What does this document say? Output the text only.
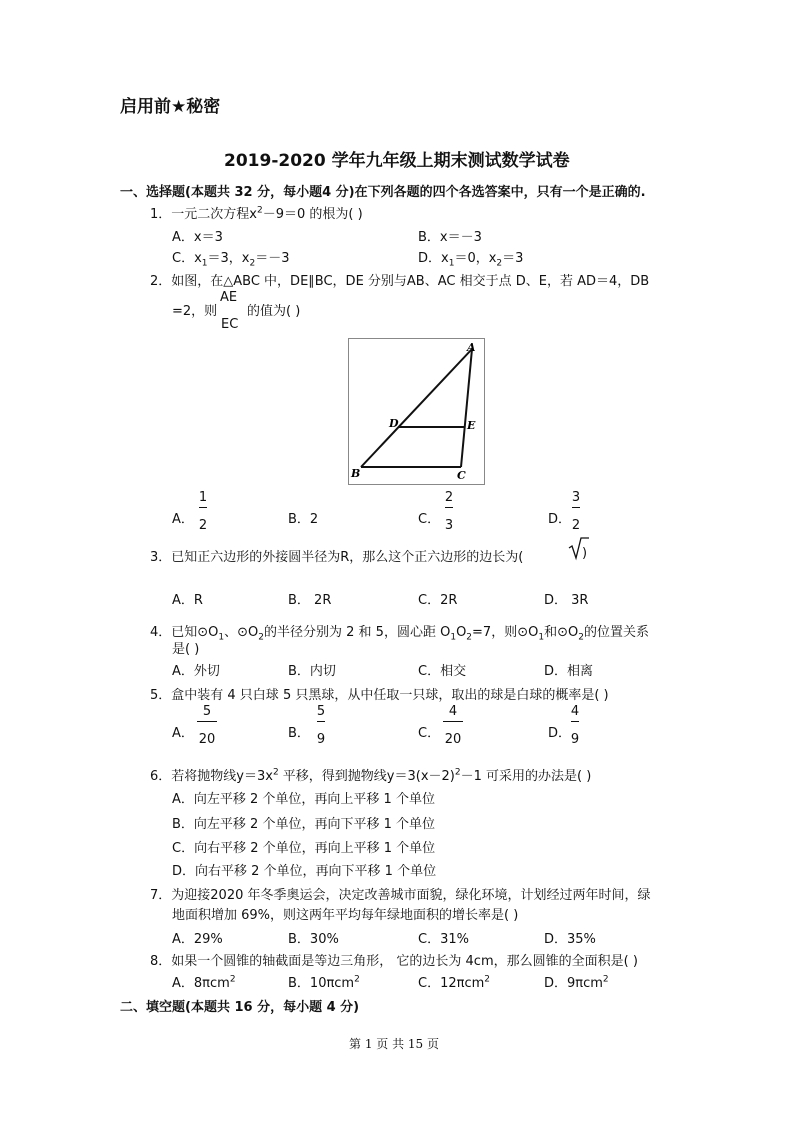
启用前★秘密
2019-2020 学年九年级上期末测试数学试卷
一、选择题(本题共 32 分，每小题4 分)在下列各题的四个各选答案中，只有一个是正确的.
1．一元二次方程$x^2-9=0$ 的根为( )
A．x＝3	B．x＝－3
C．$x_1=3$，$x_2=-3$	D．$x_1=0$，$x_2=3$
2．如图，在△ABC 中，DE∥BC，DE 分别与AB、AC 相交于点 D、E，若 AD＝4，DB
=2，则
AE
EC
的值为( )
A
B	C
D	E
A．
1
2	B．2	C．
2
3	D．
3
2
3．已知正六边形的外接圆半径为R，那么这个正六边形的边长为(	)
A．R	B． 2R	C．2R	D． 3R
4．已知$⊙O_1$、$⊙O_2$的半径分别为 2 和 5，圆心距 $O_1O_2=7$，则$⊙O_1$和$⊙O_2$的位置关系
是( )
A．外切	B．内切	C．相交	D．相离
5．盒中装有 4 只白球 5 只黑球，从中任取一只球，取出的球是白球的概率是( )
A．
5
20	B．
5
9	C．
4
20	D．
4
9
6．若将抛物线$y=3x^2$ 平移，得到抛物线$y=3(x-2)^2-1$ 可采用的办法是( )
A．向左平移 2 个单位，再向上平移 1 个单位
B．向左平移 2 个单位，再向下平移 1 个单位
C．向右平移 2 个单位，再向上平移 1 个单位
D．向右平移 2 个单位，再向下平移 1 个单位
7．为迎接2020 年冬季奥运会，决定改善城市面貌，绿化环境，计划经过两年时间，绿
地面积增加 69%，则这两年平均每年绿地面积的增长率是( )
A．29%	B．30%	C．31%	D．35%
8．如果一个圆锥的轴截面是等边三角形， 它的边长为 4cm，那么圆锥的全面积是( )
A．8πcm$^2$	B．10πcm$^2$	C．12πcm$^2$	D．9πcm$^2$
二、填空题(本题共 16 分，每小题 4 分)
第 1 页 共 15 页
